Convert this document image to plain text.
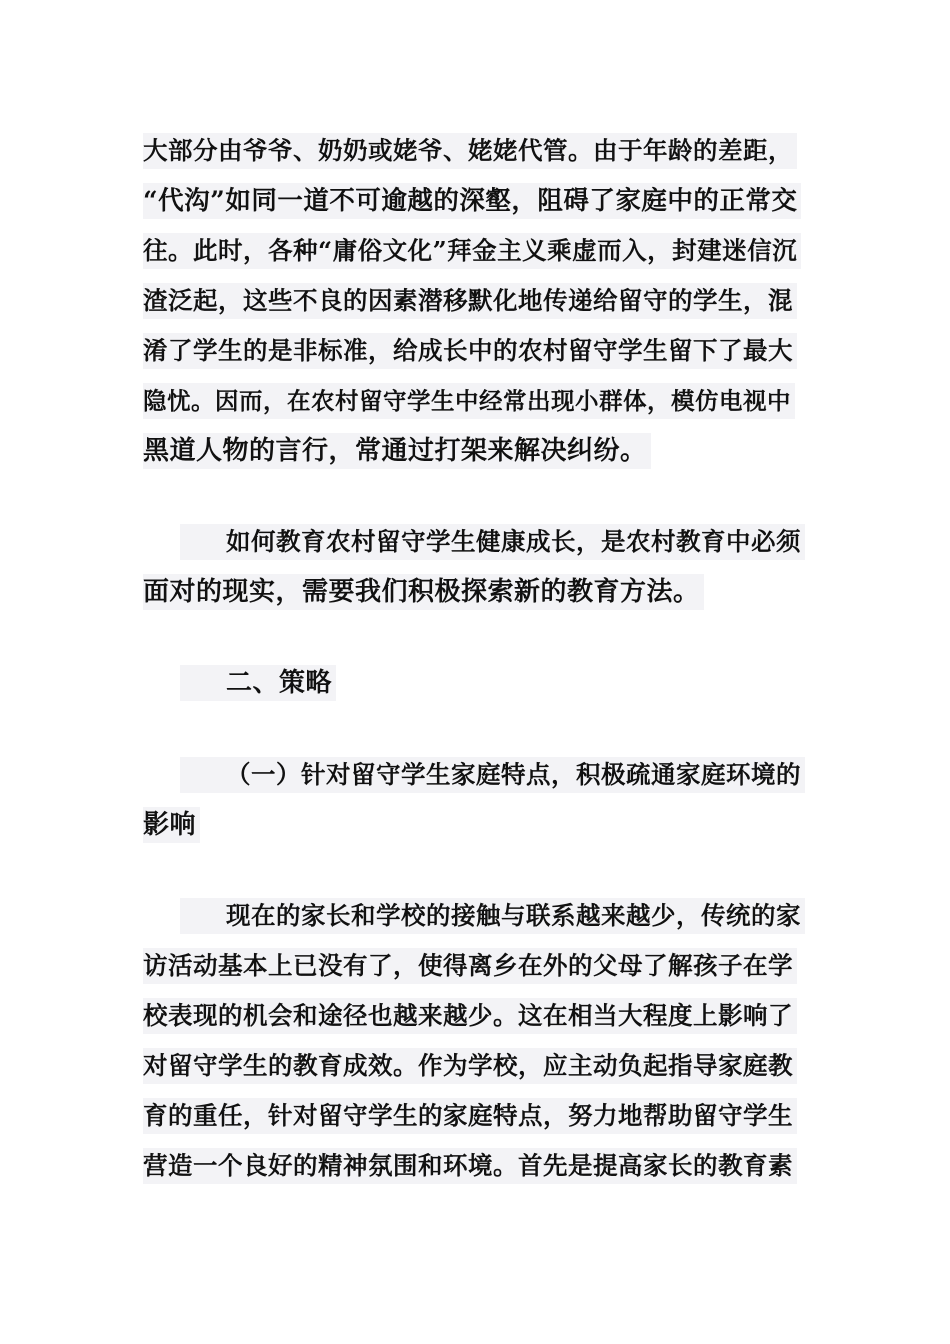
大部分由爷爷、奶奶或姥爷、姥姥代管。由于年龄的差距，
“代沟”如同一道不可逾越的深壑，阻碍了家庭中的正常交
往。此时，各种“庸俗文化”拜金主义乘虚而入，封建迷信沉
渣泛起，这些不良的因素潜移默化地传递给留守的学生，混
淆了学生的是非标准，给成长中的农村留守学生留下了最大
隐忧。因而，在农村留守学生中经常出现小群体，模仿电视中
黑道人物的言行，常通过打架来解决纠纷。
如何教育农村留守学生健康成长，是农村教育中必须
面对的现实，需要我们积极探索新的教育方法。
二、策略
（一）针对留守学生家庭特点，积极疏通家庭环境的
影响
现在的家长和学校的接触与联系越来越少，传统的家
访活动基本上已没有了，使得离乡在外的父母了解孩子在学
校表现的机会和途径也越来越少。这在相当大程度上影响了
对留守学生的教育成效。作为学校，应主动负起指导家庭教
育的重任，针对留守学生的家庭特点，努力地帮助留守学生
营造一个良好的精神氛围和环境。首先是提高家长的教育素
